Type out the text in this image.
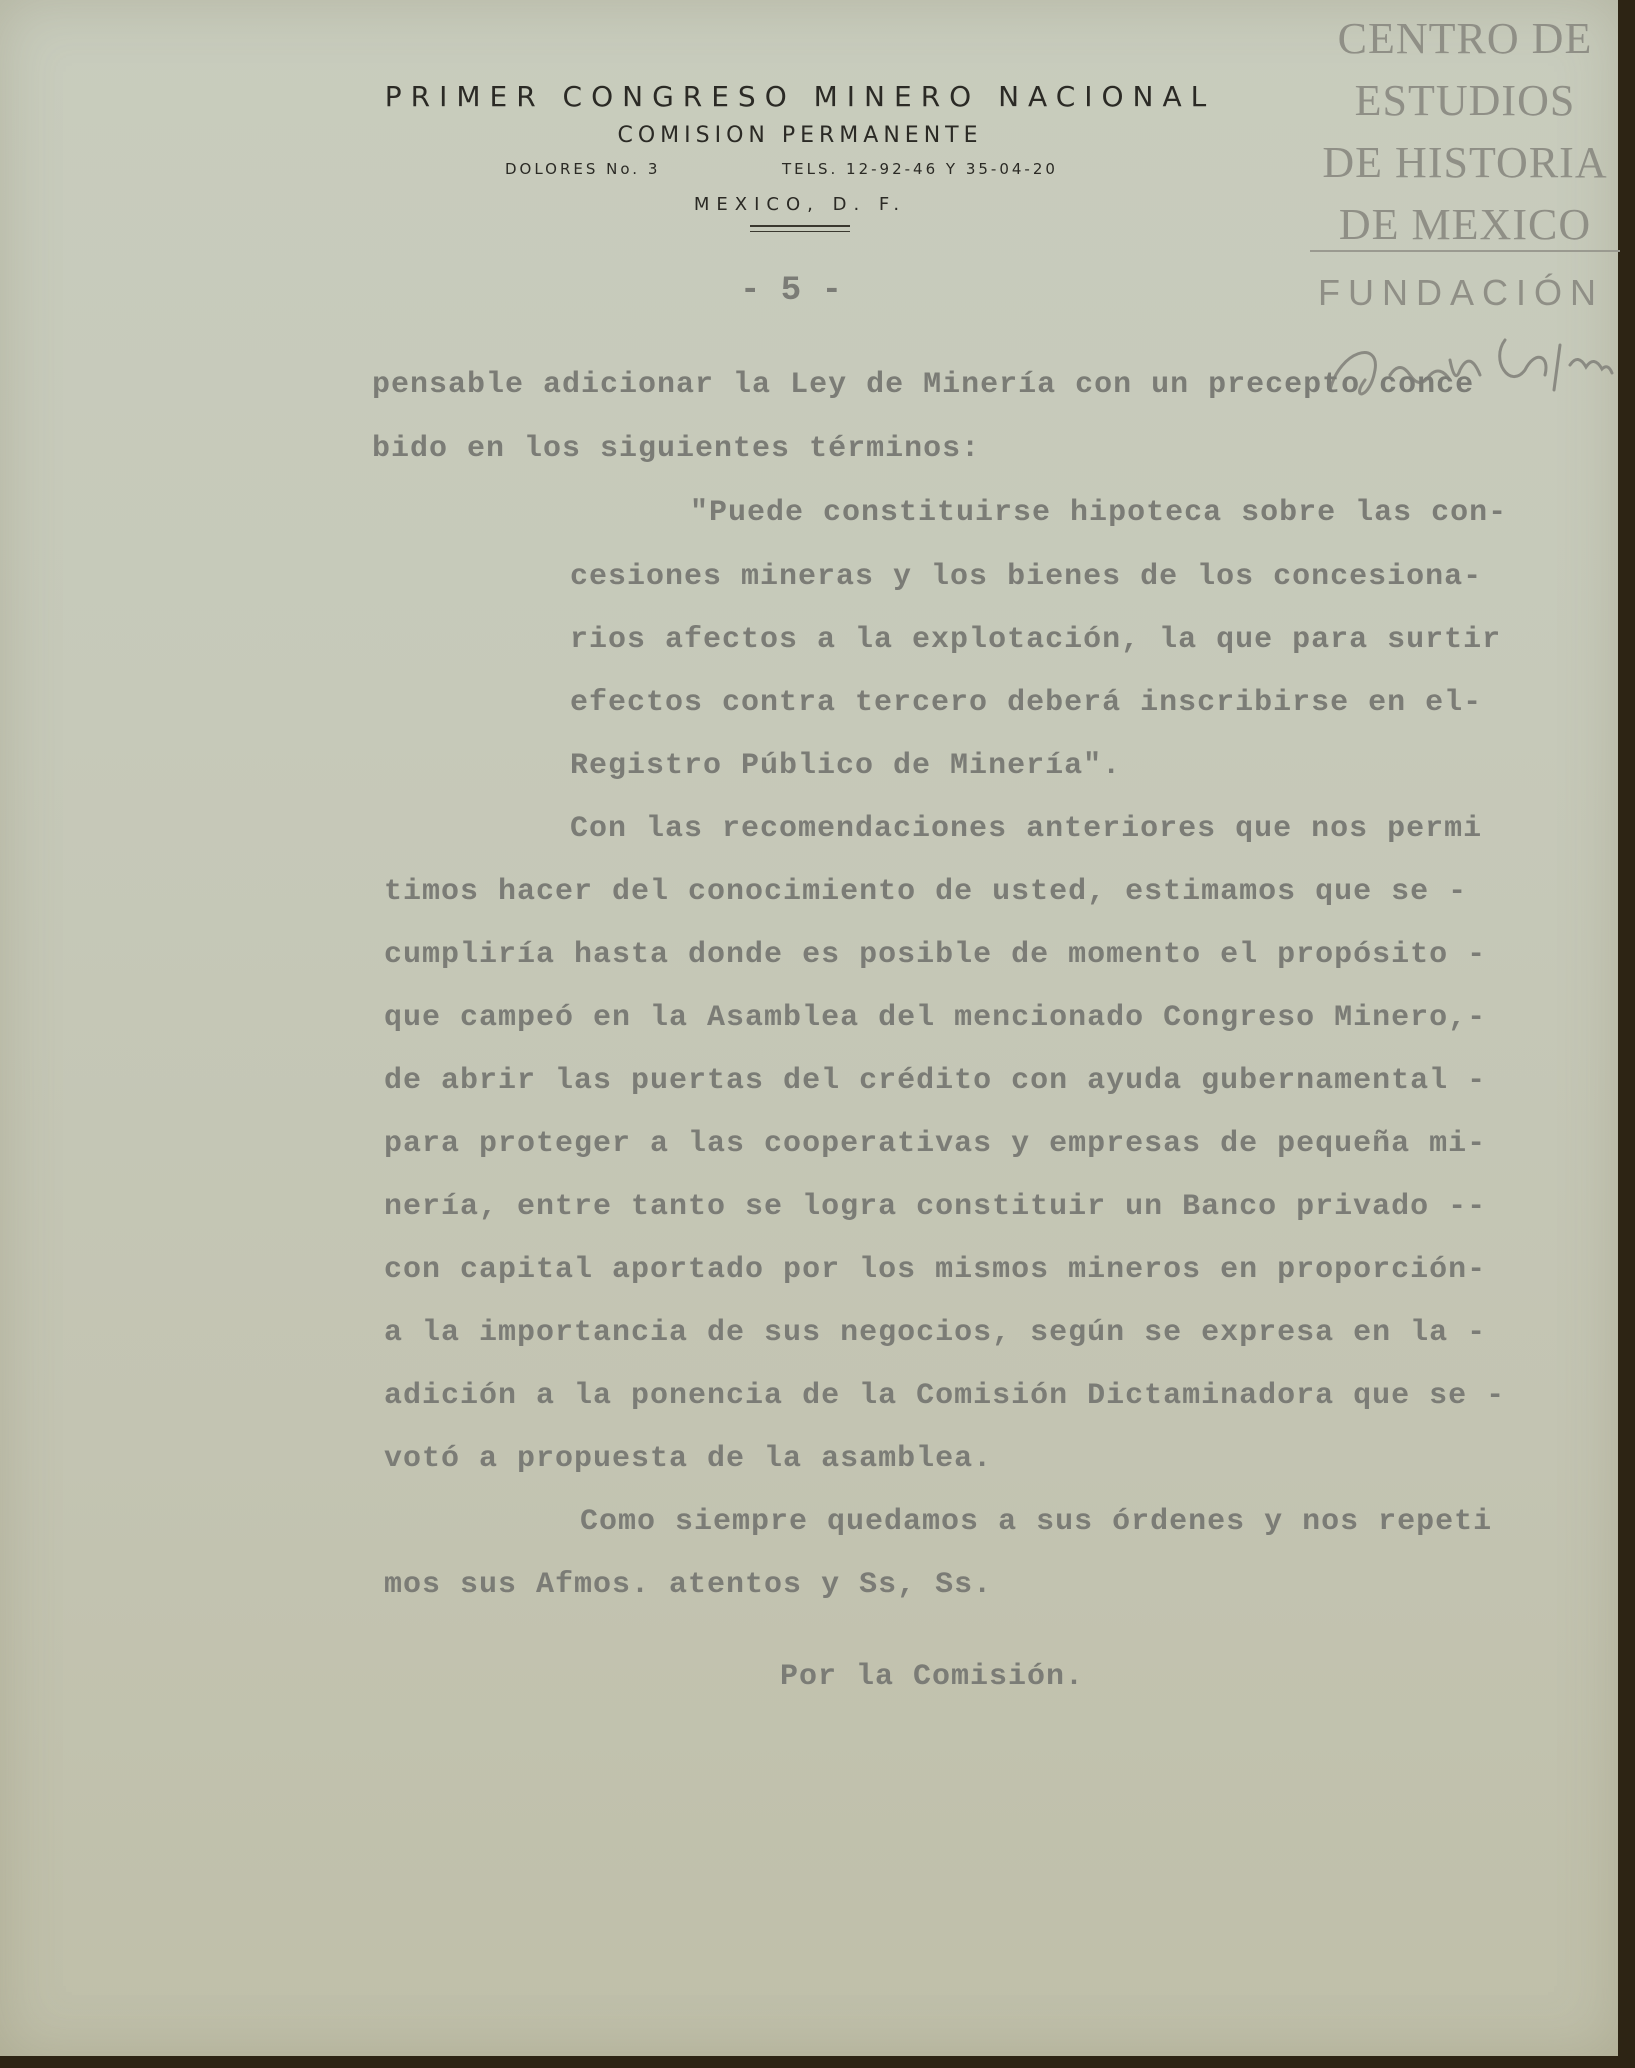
PRIMER CONGRESO MINERO NACIONAL

COMISION PERMANENTE

DOLORES No. 3	TELS. 12-92-46 Y 35-04-20
MEXICO, D. F.
CENTRO DE
ESTUDIOS
DE HISTORIA
DE MEXICO
FUNDACIÓN
- 5 -
pensable adicionar la Ley de Minería con un precepto conce
bido en los siguientes términos:
"Puede constituirse hipoteca sobre las con-
cesiones mineras y los bienes de los concesiona-
rios afectos a la explotación, la que para surtir
efectos contra tercero deberá inscribirse en el-
Registro Público de Minería".
Con las recomendaciones anteriores que nos permi
timos hacer del conocimiento de usted, estimamos que se -
cumpliría hasta donde es posible de momento el propósito -
que campeó en la Asamblea del mencionado Congreso Minero,-
de abrir las puertas del crédito con ayuda gubernamental -
para proteger a las cooperativas y empresas de pequeña mi-
nería, entre tanto se logra constituir un Banco privado --
con capital aportado por los mismos mineros en proporción-
a la importancia de sus negocios, según se expresa en la -
adición a la ponencia de la Comisión Dictaminadora que se -
votó a propuesta de la asamblea.
Como siempre quedamos a sus órdenes y nos repeti
mos sus Afmos. atentos y Ss, Ss.
Por la Comisión.
